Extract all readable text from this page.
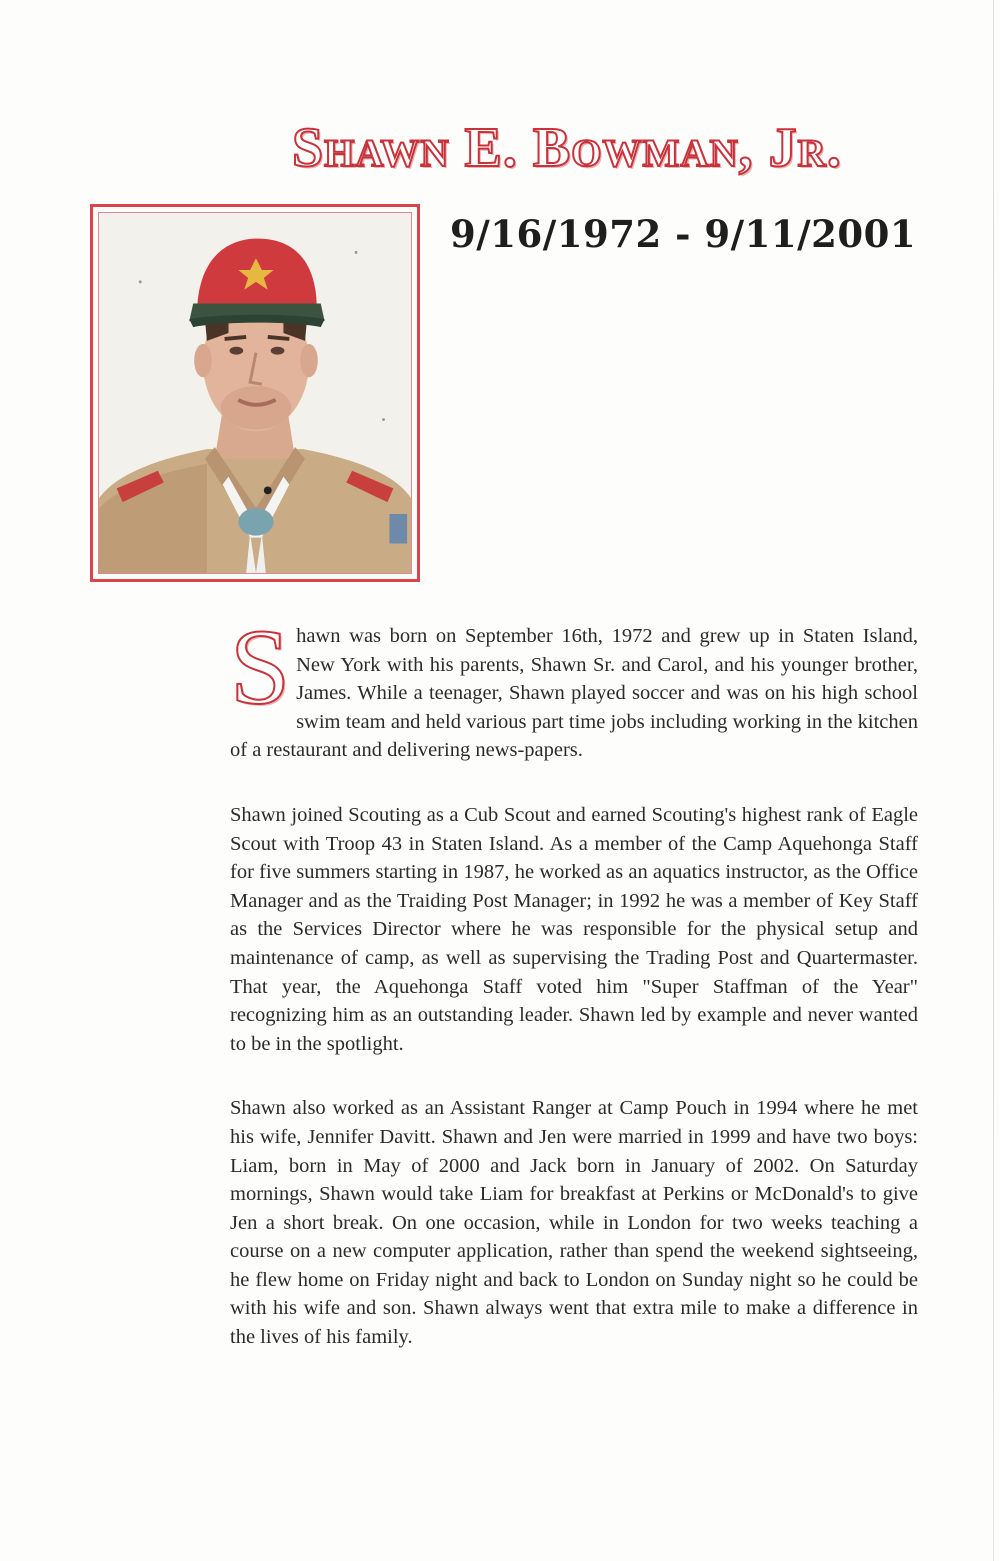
Shawn E. Bowman, Jr.
9/16/1972 - 9/11/2001

Shawn was born on September 16th, 1972 and grew up in Staten Island, New York with his parents, Shawn Sr. and Carol, and his younger brother, James. While a teenager, Shawn played soccer and was on his high school swim team and held various part time jobs including working in the kitchen of a restaurant and delivering news-papers.

Shawn joined Scouting as a Cub Scout and earned Scouting's highest rank of Eagle Scout with Troop 43 in Staten Island. As a member of the Camp Aquehonga Staff for five summers starting in 1987, he worked as an aquatics instructor, as the Office Manager and as the Traiding Post Manager; in 1992 he was a member of Key Staff as the Services Director where he was responsible for the physical setup and maintenance of camp, as well as supervising the Trading Post and Quartermaster. That year, the Aquehonga Staff voted him "Super Staffman of the Year" recognizing him as an outstanding leader. Shawn led by example and never wanted to be in the spotlight.

Shawn also worked as an Assistant Ranger at Camp Pouch in 1994 where he met his wife, Jennifer Davitt. Shawn and Jen were married in 1999 and have two boys: Liam, born in May of 2000 and Jack born in January of 2002. On Saturday mornings, Shawn would take Liam for breakfast at Perkins or McDonald's to give Jen a short break. On one occasion, while in London for two weeks teaching a course on a new computer application, rather than spend the weekend sightseeing, he flew home on Friday night and back to London on Sunday night so he could be with his wife and son. Shawn always went that extra mile to make a difference in the lives of his family.
